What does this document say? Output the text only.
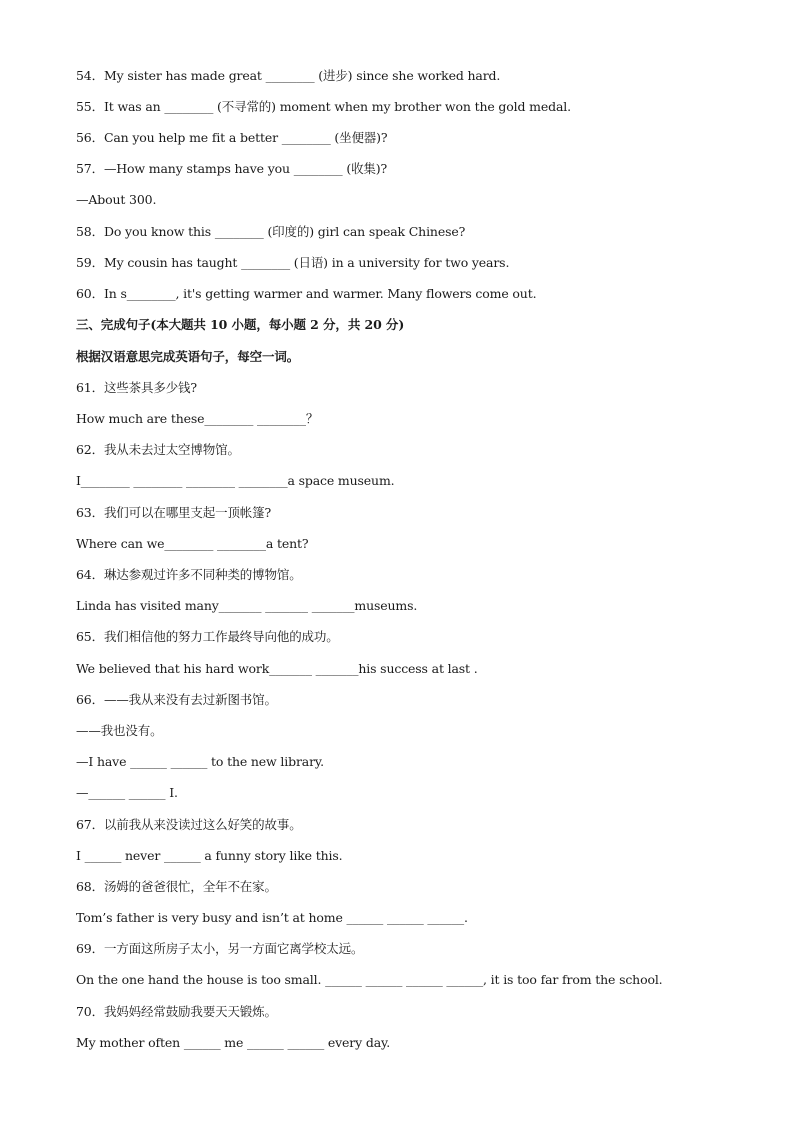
54．My sister has made great ________ (进步) since she worked hard.
55．It was an ________ (不寻常的) moment when my brother won the gold medal.
56．Can you help me fit a better ________ (坐便器)?
57．—How many stamps have you ________ (收集)?
—About 300.
58．Do you know this ________ (印度的) girl can speak Chinese?
59．My cousin has taught ________ (日语) in a university for two years.
60．In s________, it's getting warmer and warmer. Many flowers come out.
三、完成句子(本大题共 10 小题，每小题 2 分，共 20 分)
根据汉语意思完成英语句子，每空一词。
61．这些茶具多少钱?
How much are these________ ________？
62．我从未去过太空博物馆。
I________ ________ ________ ________a space museum.
63．我们可以在哪里支起一顶帐篷?
Where can we________ ________a tent?
64．琳达参观过许多不同种类的博物馆。
Linda has visited many_______ _______ _______museums.
65．我们相信他的努力工作最终导向他的成功。
We believed that his hard work_______ _______his success at last .
66．——我从来没有去过新图书馆。
——我也没有。
—I have ______ ______ to the new library.
—______ ______ I.
67．以前我从来没读过这么好笑的故事。
I ______ never ______ a funny story like this.
68．汤姆的爸爸很忙，全年不在家。
Tom’s father is very busy and isn’t at home ______ ______ ______.
69．一方面这所房子太小，另一方面它离学校太远。
On the one hand the house is too small. ______ ______ ______ ______, it is too far from the school.
70．我妈妈经常鼓励我要天天锻炼。
My mother often ______ me ______ ______ every day.
